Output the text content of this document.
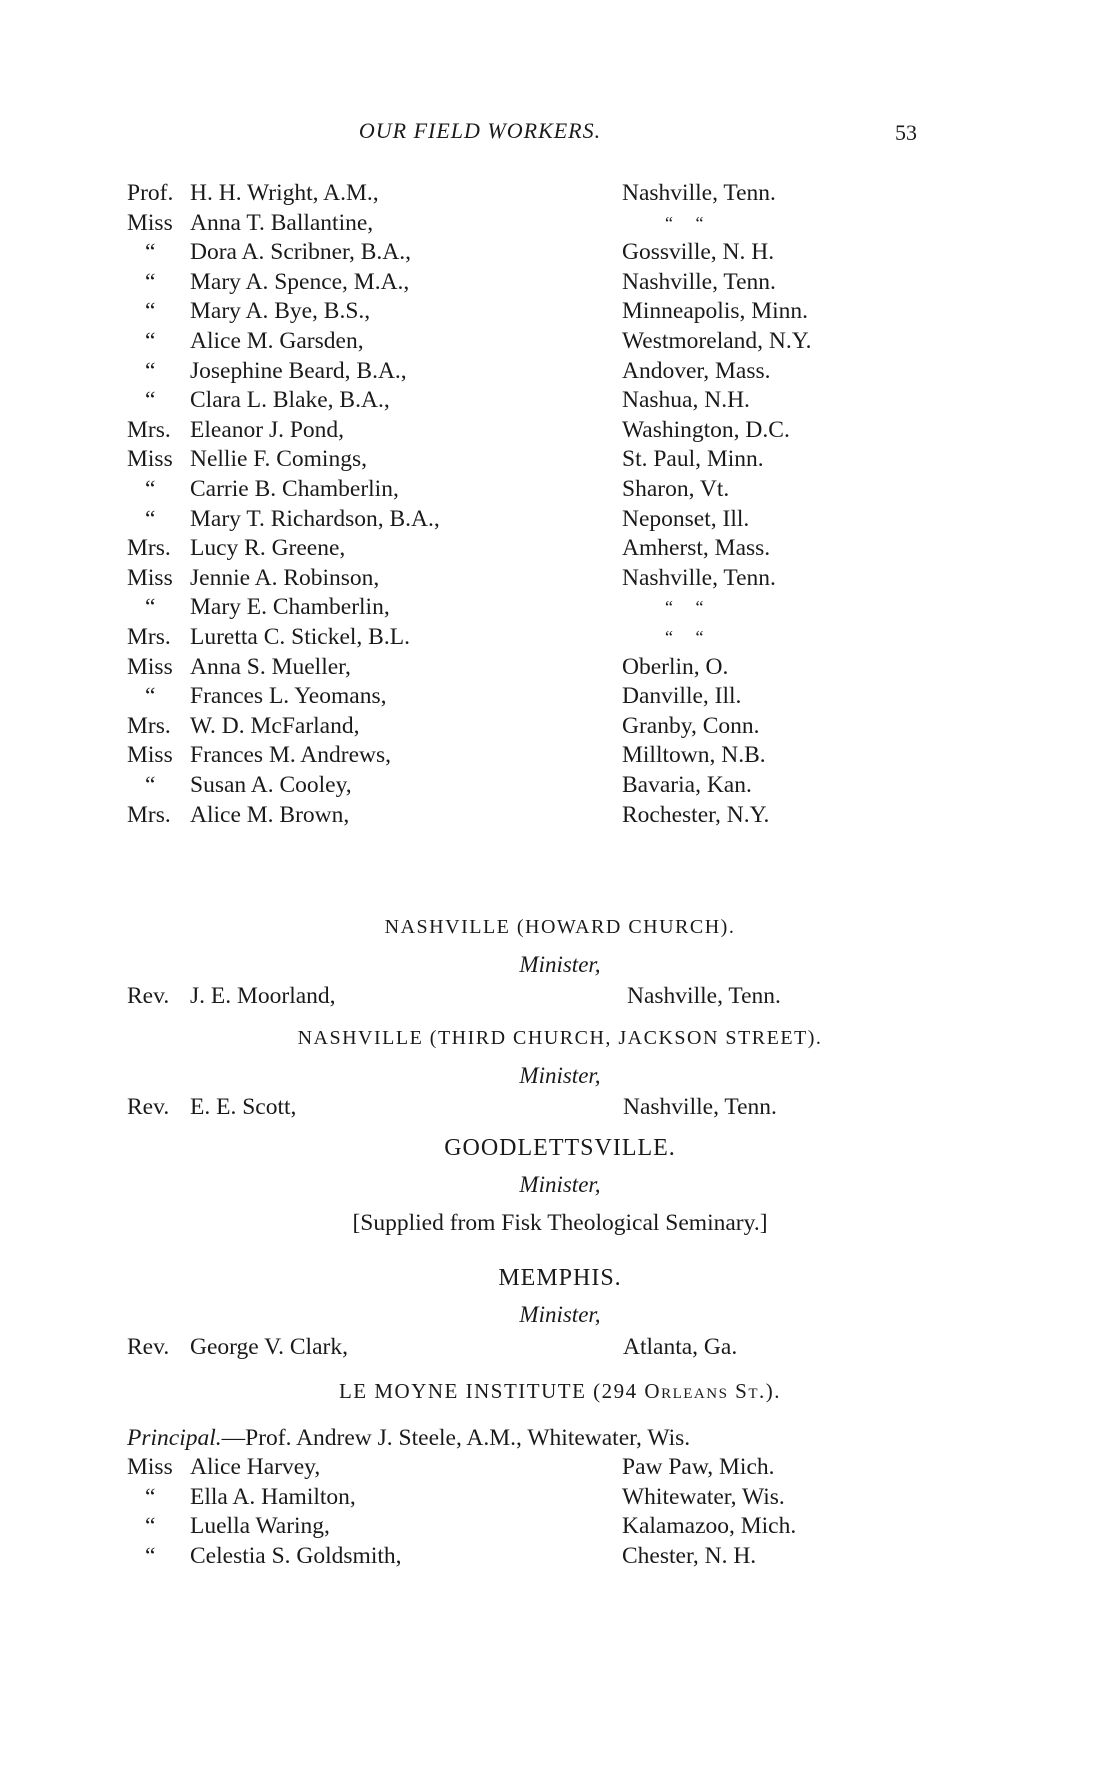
OUR FIELD WORKERS.	53
Prof. H. H. Wright, A.M.,	Nashville, Tenn.
Miss Anna T. Ballantine,	“     “
“ Dora A. Scribner, B.A.,	Gossville, N. H.
“ Mary A. Spence, M.A.,	Nashville, Tenn.
“ Mary A. Bye, B.S.,	Minneapolis, Minn.
“ Alice M. Garsden,	Westmoreland, N.Y.
“ Josephine Beard, B.A.,	Andover, Mass.
“ Clara L. Blake, B.A.,	Nashua, N.H.
Mrs. Eleanor J. Pond,	Washington, D.C.
Miss Nellie F. Comings,	St. Paul, Minn.
“ Carrie B. Chamberlin,	Sharon, Vt.
“ Mary T. Richardson, B.A.,	Neponset, Ill.
Mrs. Lucy R. Greene,	Amherst, Mass.
Miss Jennie A. Robinson,	Nashville, Tenn.
“ Mary E. Chamberlin,	“     “
Mrs. Luretta C. Stickel, B.L.	“     “
Miss Anna S. Mueller,	Oberlin, O.
“ Frances L. Yeomans,	Danville, Ill.
Mrs. W. D. McFarland,	Granby, Conn.
Miss Frances M. Andrews,	Milltown, N.B.
“ Susan A. Cooley,	Bavaria, Kan.
Mrs. Alice M. Brown,	Rochester, N.Y.
NASHVILLE (HOWARD CHURCH).
Minister,
Rev. J. E. Moorland,	Nashville, Tenn.
NASHVILLE (THIRD CHURCH, JACKSON STREET).
Minister,
Rev. E. E. Scott,	Nashville, Tenn.
GOODLETTSVILLE.
Minister,
[Supplied from Fisk Theological Seminary.]
MEMPHIS.
Minister,
Rev. George V. Clark,	Atlanta, Ga.
LE MOYNE INSTITUTE (294 Orleans St.).
Principal.—Prof. Andrew J. Steele, A.M., Whitewater, Wis.
Miss Alice Harvey,	Paw Paw, Mich.
“ Ella A. Hamilton,	Whitewater, Wis.
“ Luella Waring,	Kalamazoo, Mich.
“ Celestia S. Goldsmith,	Chester, N. H.
